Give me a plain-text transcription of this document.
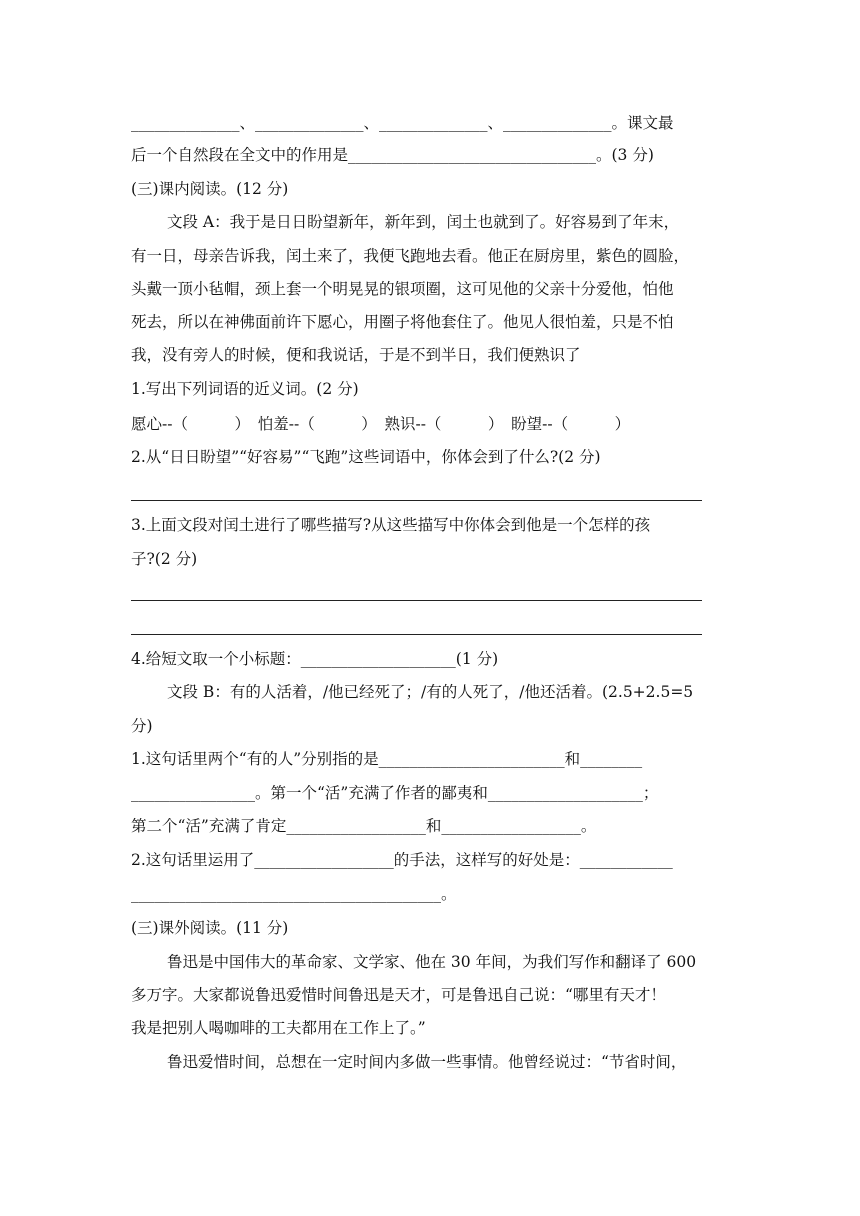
______________、______________、______________、______________。课文最
后一个自然段在全文中的作用是________________________________。(3 分)
(三)课内阅读。(12 分)
文段 A：我于是日日盼望新年，新年到，闰土也就到了。好容易到了年末，
有一日，母亲告诉我，闰土来了，我便飞跑地去看。他正在厨房里，紫色的圆脸，
头戴一顶小毡帽，颈上套一个明晃晃的银项圈，这可见他的父亲十分爱他，怕他
死去，所以在神佛面前许下愿心，用圈子将他套住了。他见人很怕羞，只是不怕
我，没有旁人的时候，便和我说话，于是不到半日，我们便熟识了
1.写出下列词语的近义词。(2 分)
愿心--（　　　）　怕羞--（　　　）　熟识--（　　　）　盼望--（　　　）
2.从“日日盼望”“好容易”“飞跑”这些词语中，你体会到了什么?(2 分)
3.上面文段对闰土进行了哪些描写?从这些描写中你体会到他是一个怎样的孩
子?(2 分)
4.给短文取一个小标题：____________________(1 分)
文段 B：有的人活着，/他已经死了；/有的人死了，/他还活着。(2.5+2.5=5
分)
1.这句话里两个“有的人”分别指的是________________________和________
________________。第一个“活”充满了作者的鄙夷和____________________；
第二个“活”充满了肯定__________________和__________________。
2.这句话里运用了__________________的手法，这样写的好处是：____________
________________________________________。
(三)课外阅读。(11 分)
鲁迅是中国伟大的革命家、文学家、他在 30 年间，为我们写作和翻译了 600
多万字。大家都说鲁迅爱惜时间鲁迅是天才，可是鲁迅自己说：“哪里有天才！
我是把别人喝咖啡的工夫都用在工作上了。”
鲁迅爱惜时间，总想在一定时间内多做一些事情。他曾经说过：“节省时间，
